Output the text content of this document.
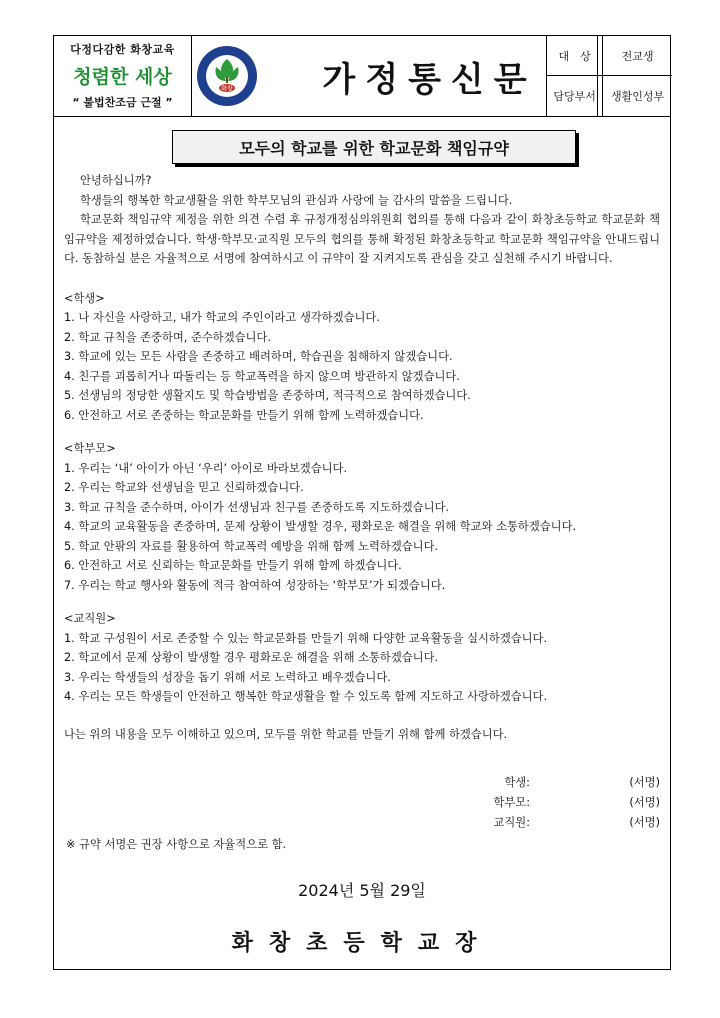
다정다감한 화창교육
청렴한 세상
“ 불법찬조금 근절 ”
화창	가정통신문
대　상	전교생
담당부서	생활인성부
모두의 학교를 위한 학교문화 책임규약

안녕하십니까?

학생들의 행복한 학교생활을 위한 학부모님의 관심과 사랑에 늘 감사의 말씀을 드립니다.

학교문화 책임규약 제정을 위한 의견 수렴 후 규정개정심의위원회 협의를 통해 다음과 같이 화창초등학교 학교문화 책임규약을 제정하였습니다. 학생·학부모·교직원 모두의 협의를 통해 확정된 화창초등학교 학교문화 책임규약을 안내드립니다. 동참하실 분은 자율적으로 서명에 참여하시고 이 규약이 잘 지켜지도록 관심을 갖고 실천해 주시기 바랍니다.

<학생>
1. 나 자신을 사랑하고, 내가 학교의 주인이라고 생각하겠습니다.
2. 학교 규칙을 존중하며, 준수하겠습니다.
3. 학교에 있는 모든 사람을 존중하고 배려하며, 학습권을 침해하지 않겠습니다.
4. 친구를 괴롭히거나 따돌리는 등 학교폭력을 하지 않으며 방관하지 않겠습니다.
5. 선생님의 정당한 생활지도 및 학습방법을 존중하며, 적극적으로 참여하겠습니다.
6. 안전하고 서로 존중하는 학교문화를 만들기 위해 함께 노력하겠습니다.
<학부모>
1. 우리는 ‘내’ 아이가 아닌 ‘우리’ 아이로 바라보겠습니다.
2. 우리는 학교와 선생님을 믿고 신뢰하겠습니다.
3. 학교 규칙을 준수하며, 아이가 선생님과 친구를 존중하도록 지도하겠습니다.
4. 학교의 교육활동을 존중하며, 문제 상황이 발생할 경우, 평화로운 해결을 위해 학교와 소통하겠습니다.
5. 학교 안팎의 자료를 활용하여 학교폭력 예방을 위해 함께 노력하겠습니다.
6. 안전하고 서로 신뢰하는 학교문화를 만들기 위해 함께 하겠습니다.
7. 우리는 학교 행사와 활동에 적극 참여하여 성장하는 ‘학부모’가 되겠습니다.
<교직원>
1. 학교 구성원이 서로 존중할 수 있는 학교문화를 만들기 위해 다양한 교육활동을 실시하겠습니다.
2. 학교에서 문제 상황이 발생할 경우 평화로운 해결을 위해 소통하겠습니다.
3. 우리는 학생들의 성장을 돕기 위해 서로 노력하고 배우겠습니다.
4. 우리는 모든 학생들이 안전하고 행복한 학교생활을 할 수 있도록 함께 지도하고 사랑하겠습니다.

나는 위의 내용을 모두 이해하고 있으며, 모두를 위한 학교를 만들기 위해 함께 하겠습니다.

학생:	(서명)
학부모:	(서명)
교직원:	(서명)
※ 규약 서명은 권장 사항으로 자율적으로 함.
2024년 5월 29일
화창초등학교장
